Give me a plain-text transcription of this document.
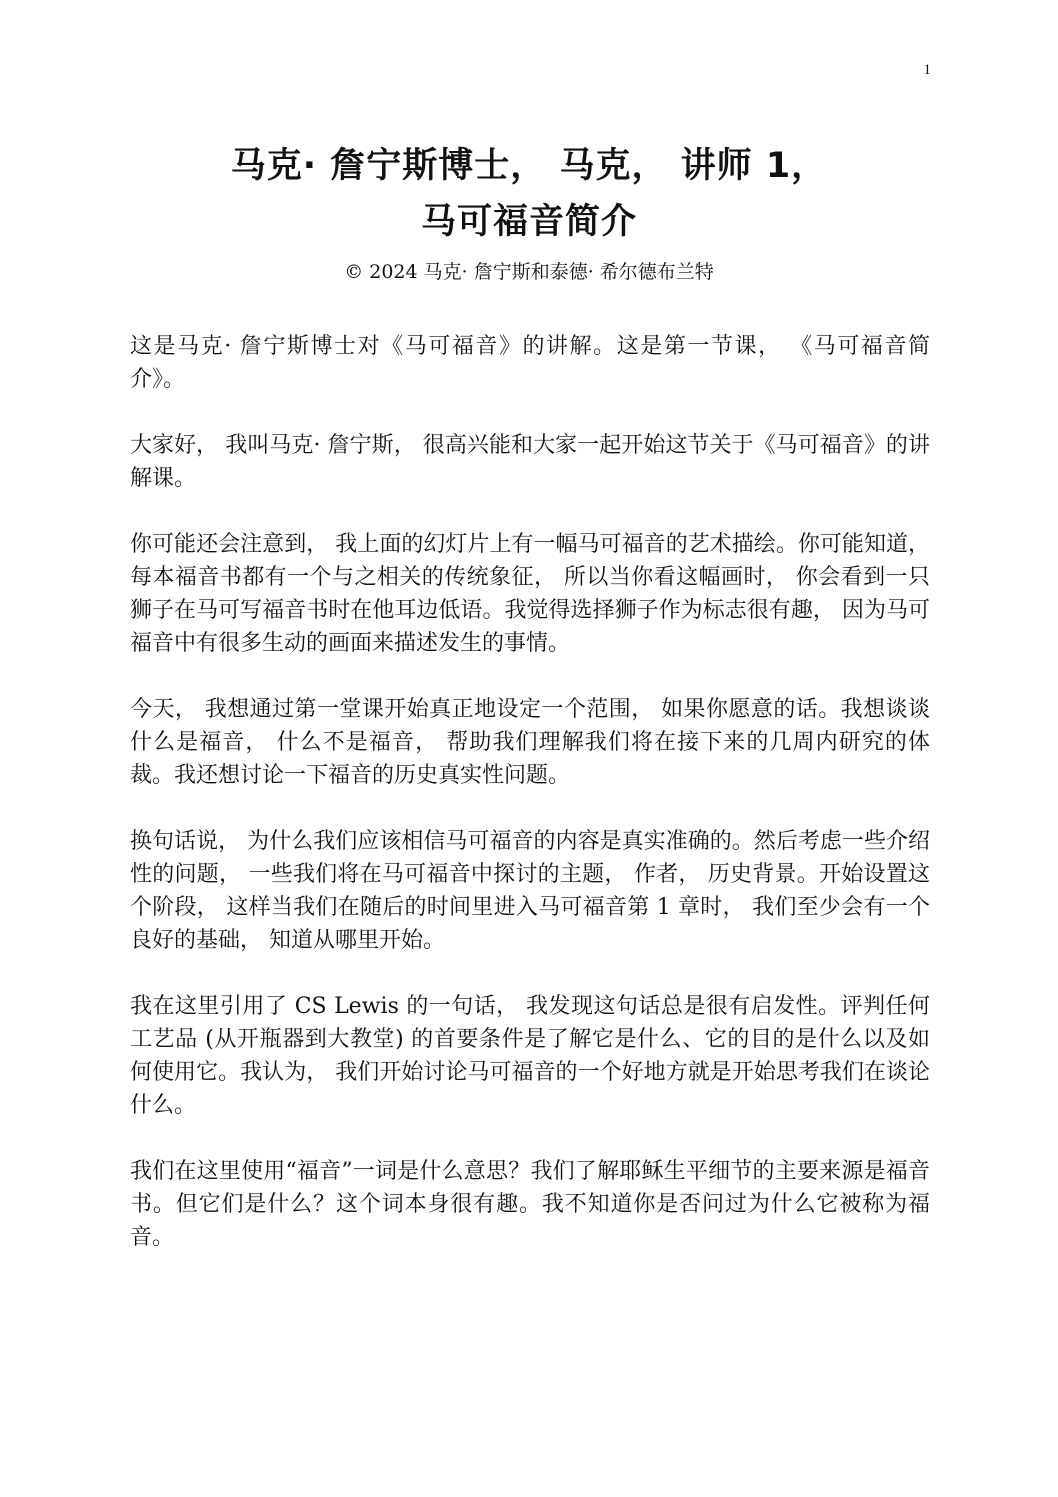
1
马克· 詹宁斯博士， 马克， 讲师 1，
马可福音简介
© 2024 马克· 詹宁斯和泰德· 希尔德布兰特

这是马克· 詹宁斯博士对《马可福音》的讲解。这是第一节课， 《马可福音简介》。

大家好， 我叫马克· 詹宁斯， 很高兴能和大家一起开始这节关于《马可福音》的讲解课。

你可能还会注意到， 我上面的幻灯片上有一幅马可福音的艺术描绘。你可能知道， 每本福音书都有一个与之相关的传统象征， 所以当你看这幅画时， 你会看到一只狮子在马可写福音书时在他耳边低语。我觉得选择狮子作为标志很有趣， 因为马可福音中有很多生动的画面来描述发生的事情。

今天， 我想通过第一堂课开始真正地设定一个范围， 如果你愿意的话。我想谈谈什么是福音， 什么不是福音， 帮助我们理解我们将在接下来的几周内研究的体裁。我还想讨论一下福音的历史真实性问题。

换句话说， 为什么我们应该相信马可福音的内容是真实准确的。然后考虑一些介绍性的问题， 一些我们将在马可福音中探讨的主题， 作者， 历史背景。开始设置这个阶段， 这样当我们在随后的时间里进入马可福音第 1 章时， 我们至少会有一个良好的基础， 知道从哪里开始。

我在这里引用了 CS Lewis 的一句话， 我发现这句话总是很有启发性。评判任何工艺品 (从开瓶器到大教堂) 的首要条件是了解它是什么、它的目的是什么以及如何使用它。我认为， 我们开始讨论马可福音的一个好地方就是开始思考我们在谈论什么。

我们在这里使用“福音”一词是什么意思？我们了解耶稣生平细节的主要来源是福音书。但它们是什么？这个词本身很有趣。我不知道你是否问过为什么它被称为福音。
